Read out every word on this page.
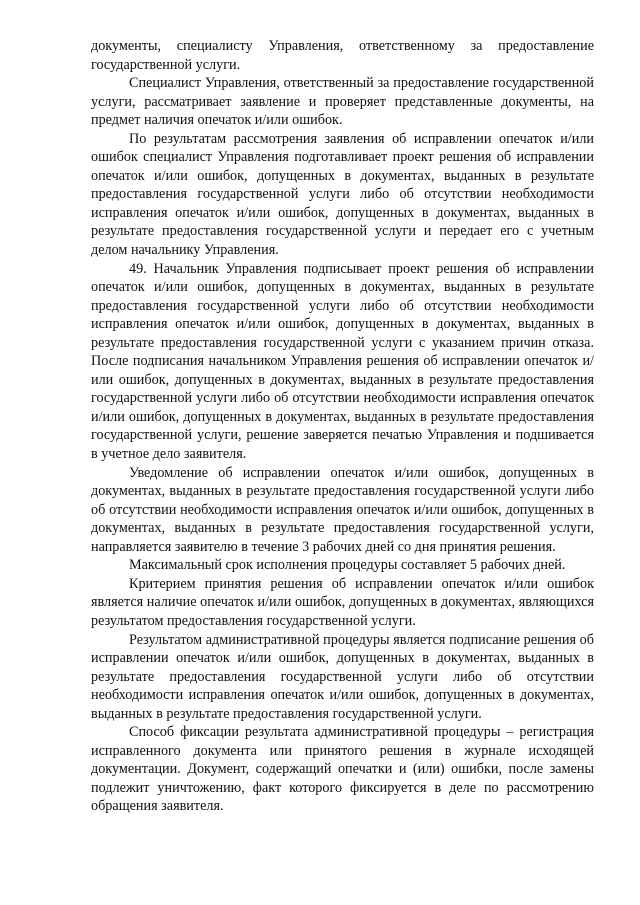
документы, специалисту Управления, ответственному за предоставление государственной услуги.

Специалист Управления, ответственный за предоставление государственной услуги, рассматривает заявление и проверяет представленные документы, на предмет наличия опечаток и/или ошибок.

По результатам рассмотрения заявления об исправлении опечаток и/или ошибок специалист Управления подготавливает проект решения об исправлении опечаток и/или ошибок, допущенных в документах, выданных в результате предоставления государственной услуги либо об отсутствии необходимости исправления опечаток и/или ошибок, допущенных в документах, выданных в результате предоставления государственной услуги и передает его с учетным делом начальнику Управления.

49. Начальник Управления подписывает проект решения об исправлении опечаток и/или ошибок, допущенных в документах, выданных в результате предоставления государственной услуги либо об отсутствии необходимости исправления опечаток и/или ошибок, допущенных в документах, выданных в результате предоставления государственной услуги с указанием причин отказа. После подписания начальником Управления решения об исправлении опечаток и/или ошибок, допущенных в документах, выданных в результате предоставления государственной услуги либо об отсутствии необходимости исправления опечаток и/или ошибок, допущенных в документах, выданных в результате предоставления государственной услуги, решение заверяется печатью Управления и подшивается в учетное дело заявителя.

Уведомление об исправлении опечаток и/или ошибок, допущенных в документах, выданных в результате предоставления государственной услуги либо об отсутствии необходимости исправления опечаток и/или ошибок, допущенных в документах, выданных в результате предоставления государственной услуги, направляется заявителю в течение 3 рабочих дней со дня принятия решения.

Максимальный срок исполнения процедуры составляет 5 рабочих дней.

Критерием принятия решения об исправлении опечаток и/или ошибок является наличие опечаток и/или ошибок, допущенных в документах, являющихся результатом предоставления государственной услуги.

Результатом административной процедуры является подписание решения об исправлении опечаток и/или ошибок, допущенных в документах, выданных в результате предоставления государственной услуги либо об отсутствии необходимости исправления опечаток и/или ошибок, допущенных в документах, выданных в результате предоставления государственной услуги.

Способ фиксации результата административной процедуры – регистрация исправленного документа или принятого решения в журнале исходящей документации. Документ, содержащий опечатки и (или) ошибки, после замены подлежит уничтожению, факт которого фиксируется в деле по рассмотрению обращения заявителя.
